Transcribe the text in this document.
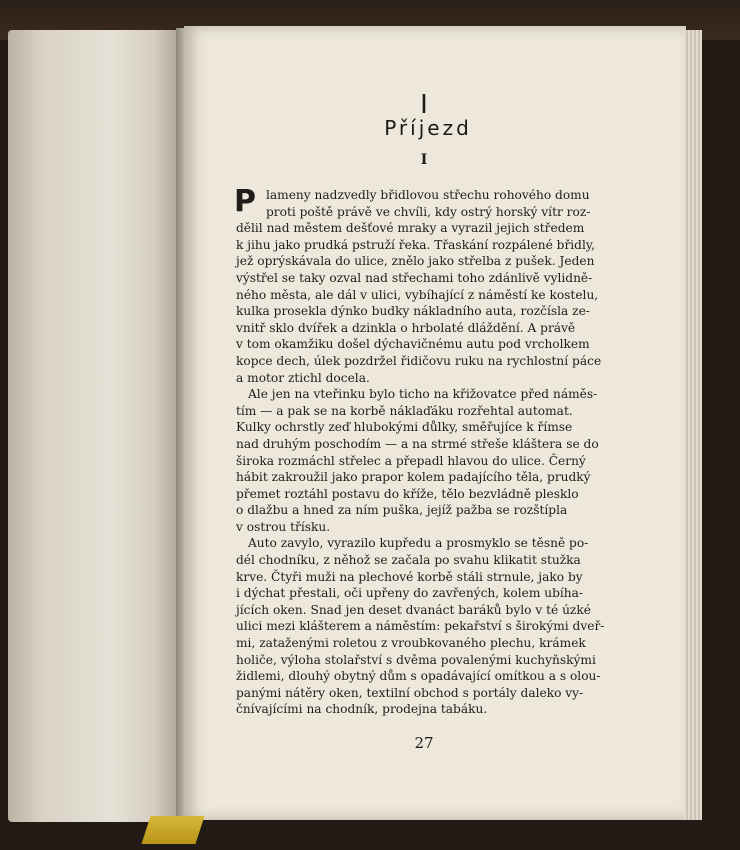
I
Příjezd
I
P lameny nadzvedly břidlovou střechu rohového domu
proti poště právě ve chvíli, kdy ostrý horský vítr roz-
dělil nad městem dešťové mraky a vyrazil jejich středem
k jihu jako prudká pstruží řeka. Třaskání rozpálené břidly,
jež oprýskávala do ulice, znělo jako střelba z pušek. Jeden
výstřel se taky ozval nad střechami toho zdánlivě vylidně-
ného města, ale dál v ulici, vybíhající z náměstí ke kostelu,
kulka prosekla dýnko budky nákladního auta, rozčísla ze-
vnitř sklo dvířek a dzinkla o hrbolaté dláždění. A právě
v tom okamžiku došel dýchavičnému autu pod vrcholkem
kopce dech, úlek pozdržel řidičovu ruku na rychlostní páce
a motor ztichl docela.
Ale jen na vteřinku bylo ticho na křižovatce před náměs-
tím — a pak se na korbě náklaďáku rozřehtal automat.
Kulky ochrstly zeď hlubokými důlky, směřujíce k římse
nad druhým poschodím — a na strmé střeše kláštera se do
široka rozmáchl střelec a přepadl hlavou do ulice. Černý
hábit zakroužil jako prapor kolem padajícího těla, prudký
přemet roztáhl postavu do kříže, tělo bezvládně plesklo
o dlažbu a hned za ním puška, jejíž pažba se rozštípla
v ostrou třísku.
Auto zavylo, vyrazilo kupředu a prosmyklo se těsně po-
dél chodníku, z něhož se začala po svahu klikatit stužka
krve. Čtyři muži na plechové korbě stáli strnule, jako by
i dýchat přestali, oči upřeny do zavřených, kolem ubíha-
jících oken. Snad jen deset dvanáct baráků bylo v té úzké
ulici mezi klášterem a náměstím: pekařství s širokými dveř-
mi, zataženými roletou z vroubkovaného plechu, krámek
holiče, výloha stolařství s dvěma povalenými kuchyňskými
židlemi, dlouhý obytný dům s opadávající omítkou a s olou-
panými nátěry oken, textilní obchod s portály daleko vy-
čnívajícími na chodník, prodejna tabáku.
27
